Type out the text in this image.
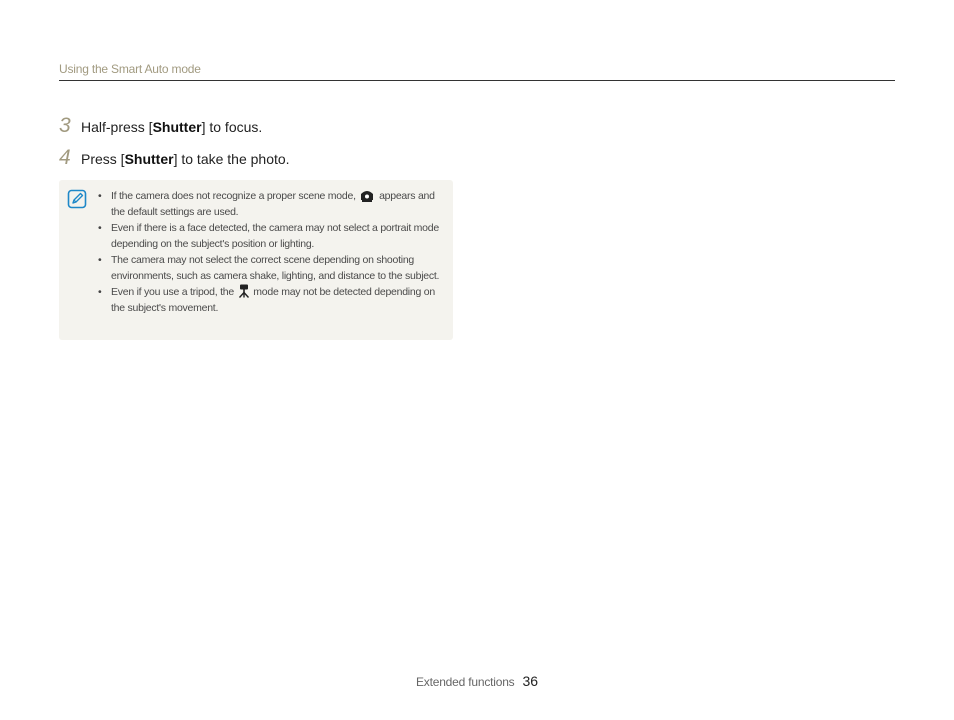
Using the Smart Auto mode
3 Half-press [Shutter] to focus.
4 Press [Shutter] to take the photo.
• If the camera does not recognize a proper scene mode, appears and the default settings are used.
• Even if there is a face detected, the camera may not select a portrait mode depending on the subject's position or lighting.
• The camera may not select the correct scene depending on shooting environments, such as camera shake, lighting, and distance to the subject.
• Even if you use a tripod, the mode may not be detected depending on the subject's movement.
Extended functions 36
